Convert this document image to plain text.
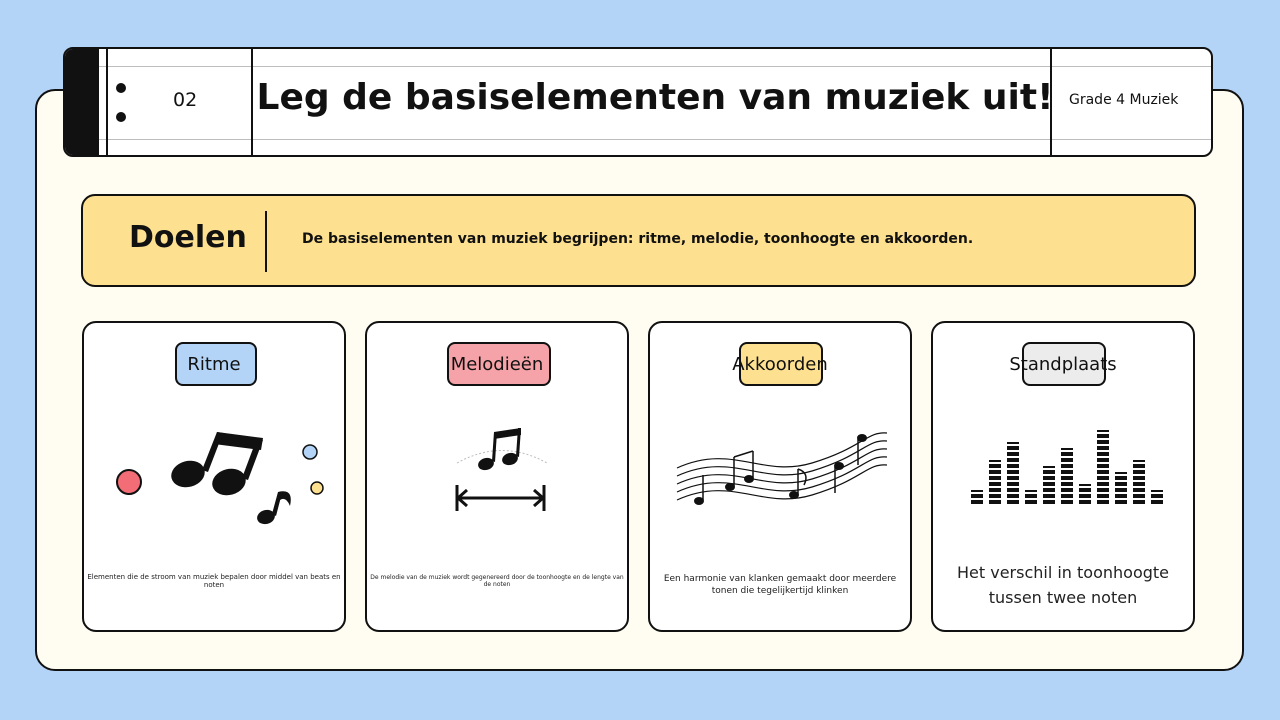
02 Leg de basiselementen van muziek uit! Grade 4 Muziek
Doelen	De basiselementen van muziek begrijpen: ritme, melodie, toonhoogte en akkoorden.
Ritme
Elementen die de stroom van muziek bepalen door middel van beats en noten
Melodieën
De melodie van de muziek wordt gegenereerd door de toonhoogte en de lengte van de noten
Akkoorden
Een harmonie van klanken gemaakt door meerdere tonen die tegelijkertijd klinken
Standplaats
Het verschil in toonhoogte tussen twee noten
